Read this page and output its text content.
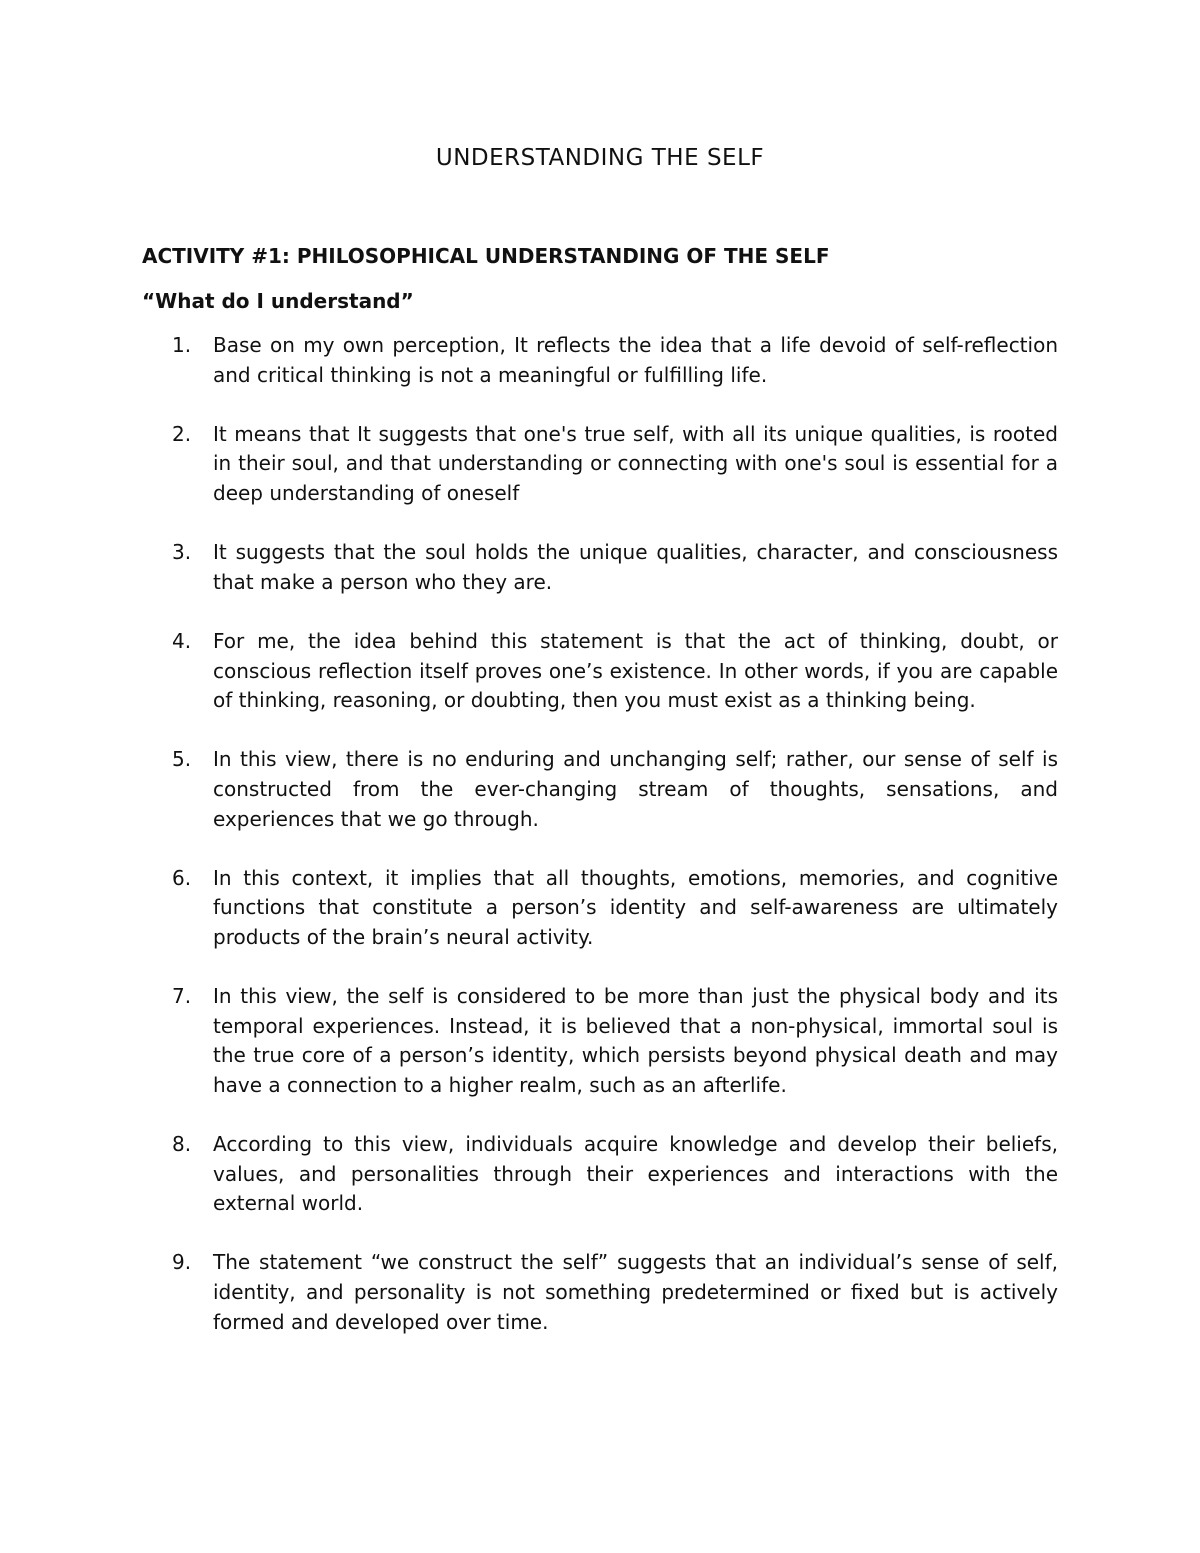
UNDERSTANDING THE SELF
ACTIVITY #1: PHILOSOPHICAL UNDERSTANDING OF THE SELF
“What do I understand”
1. Base on my own perception, It reflects the idea that a life devoid of self-reflection and critical thinking is not a meaningful or fulfilling life.
2. It means that It suggests that one's true self, with all its unique qualities, is rooted in their soul, and that understanding or connecting with one's soul is essential for a deep understanding of oneself
3. It suggests that the soul holds the unique qualities, character, and consciousness that make a person who they are.
4. For me, the idea behind this statement is that the act of thinking, doubt, or conscious reflection itself proves one’s existence. In other words, if you are capable of thinking, reasoning, or doubting, then you must exist as a thinking being.
5. In this view, there is no enduring and unchanging self; rather, our sense of self is constructed from the ever-changing stream of thoughts, sensations, and experiences that we go through.
6. In this context, it implies that all thoughts, emotions, memories, and cognitive functions that constitute a person’s identity and self-awareness are ultimately products of the brain’s neural activity.
7. In this view, the self is considered to be more than just the physical body and its temporal experiences. Instead, it is believed that a non-physical, immortal soul is the true core of a person’s identity, which persists beyond physical death and may have a connection to a higher realm, such as an afterlife.
8. According to this view, individuals acquire knowledge and develop their beliefs, values, and personalities through their experiences and interactions with the external world.
9. The statement “we construct the self” suggests that an individual’s sense of self, identity, and personality is not something predetermined or fixed but is actively formed and developed over time.
